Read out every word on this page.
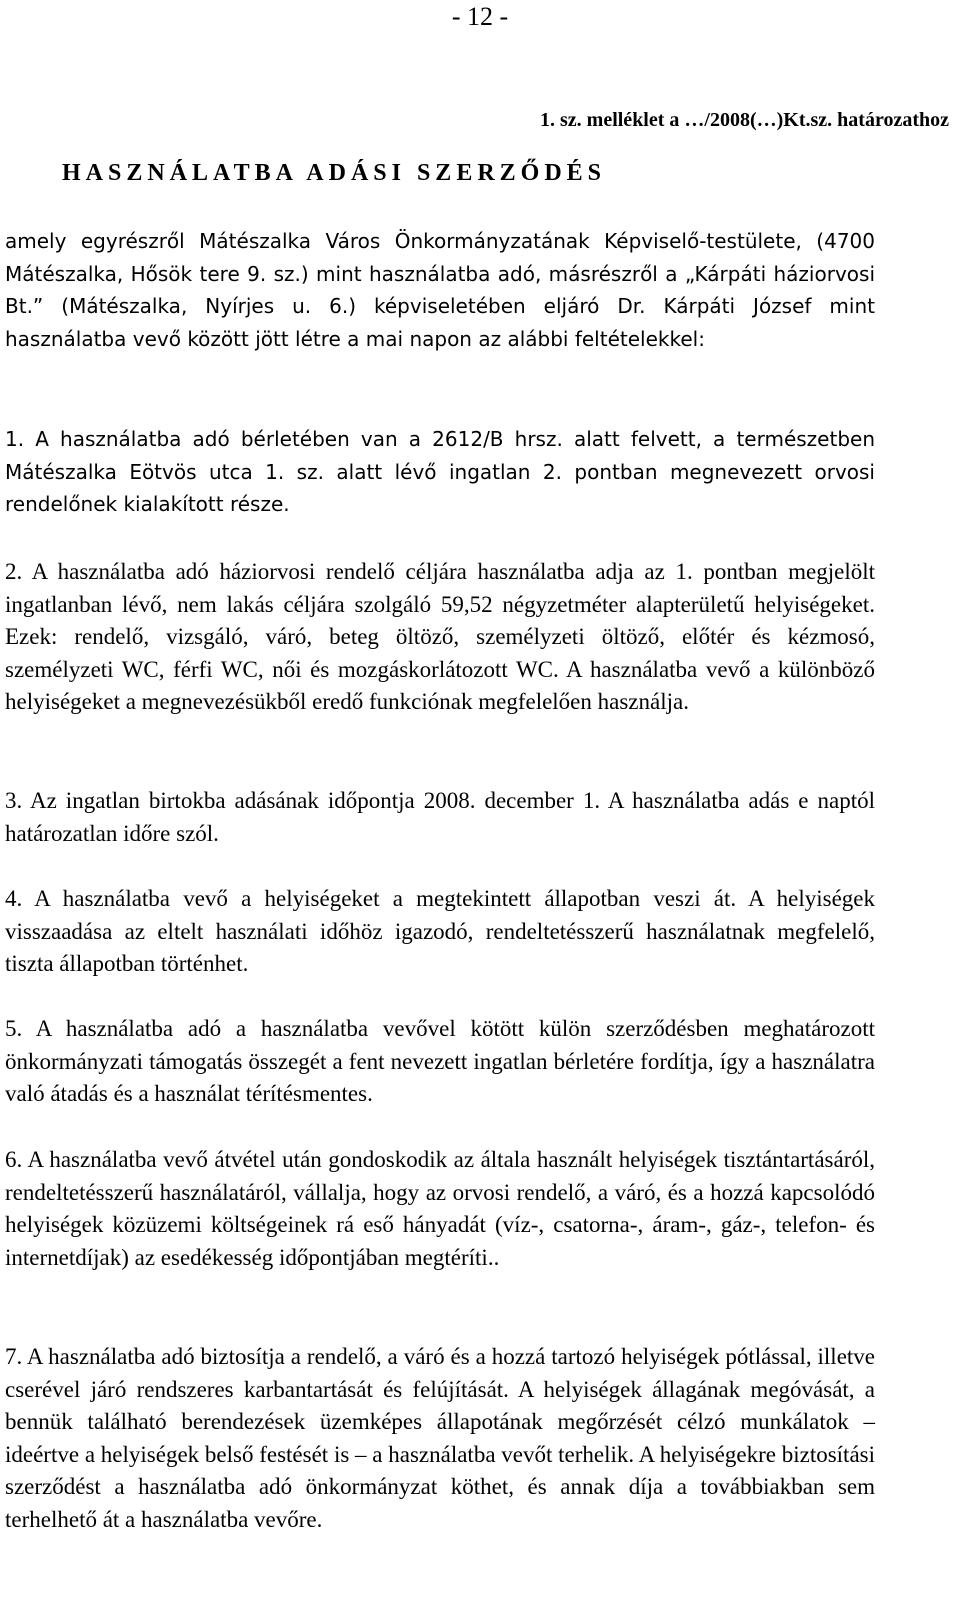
- 12 -
1. sz. melléklet a …/2008(…)Kt.sz. határozathoz
HASZNÁLATBA ADÁSI SZERZŐDÉS

amely egyrészről Mátészalka Város Önkormányzatának Képviselő-testülete, (4700 Mátészalka, Hősök tere 9. sz.) mint használatba adó, másrészről a „Kárpáti háziorvosi Bt.” (Mátészalka, Nyírjes u. 6.) képviseletében eljáró Dr. Kárpáti József mint használatba vevő között jött létre a mai napon az alábbi feltételekkel:

1. A használatba adó bérletében van a 2612/B hrsz. alatt felvett, a természetben Mátészalka Eötvös utca 1. sz. alatt lévő ingatlan 2. pontban megnevezett orvosi rendelőnek kialakított része.

2. A használatba adó háziorvosi rendelő céljára használatba adja az 1. pontban megjelölt ingatlanban lévő, nem lakás céljára szolgáló 59,52 négyzetméter alapterületű helyiségeket. Ezek: rendelő, vizsgáló, váró, beteg öltöző, személyzeti öltöző, előtér és kézmosó, személyzeti WC, férfi WC, női és mozgáskorlátozott WC. A használatba vevő a különböző helyiségeket a megnevezésükből eredő funkciónak megfelelően használja.

3. Az ingatlan birtokba adásának időpontja 2008. december 1. A használatba adás e naptól határozatlan időre szól.

4. A használatba vevő a helyiségeket a megtekintett állapotban veszi át. A helyiségek visszaadása az eltelt használati időhöz igazodó, rendeltetésszerű használatnak megfelelő, tiszta állapotban történhet.

5. A használatba adó a használatba vevővel kötött külön szerződésben meghatározott önkormányzati támogatás összegét a fent nevezett ingatlan bérletére fordítja, így a használatra való átadás és a használat térítésmentes.

6. A használatba vevő átvétel után gondoskodik az általa használt helyiségek tisztántartásáról, rendeltetésszerű használatáról, vállalja, hogy az orvosi rendelő, a váró, és a hozzá kapcsolódó helyiségek közüzemi költségeinek rá eső hányadát (víz-, csatorna-, áram-, gáz-, telefon- és internetdíjak) az esedékesség időpontjában megtéríti..

7. A használatba adó biztosítja a rendelő, a váró és a hozzá tartozó helyiségek pótlással, illetve cserével járó rendszeres karbantartását és felújítását. A helyiségek állagának megóvását, a bennük található berendezések üzemképes állapotának megőrzését célzó munkálatok – ideértve a helyiségek belső festését is – a használatba vevőt terhelik. A helyiségekre biztosítási szerződést a használatba adó önkormányzat köthet, és annak díja a továbbiakban sem terhelhető át a használatba vevőre.
